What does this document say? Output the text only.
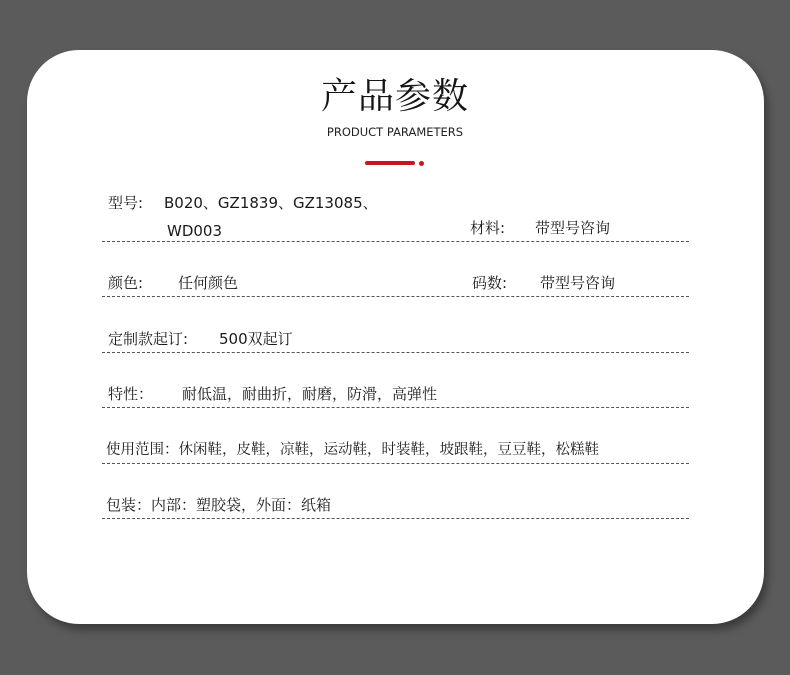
产品参数
PRODUCT PARAMETERS
型号: B020、GZ1839、GZ13085、
WD003	材料: 带型号咨询
颜色: 任何颜色	码数: 带型号咨询
定制款起订: 500双起订
特性： 耐低温，耐曲折，耐磨，防滑，高弹性
使用范围：休闲鞋，皮鞋，凉鞋，运动鞋，时装鞋，坡跟鞋，豆豆鞋，松糕鞋
包装：内部：塑胶袋，外面：纸箱
